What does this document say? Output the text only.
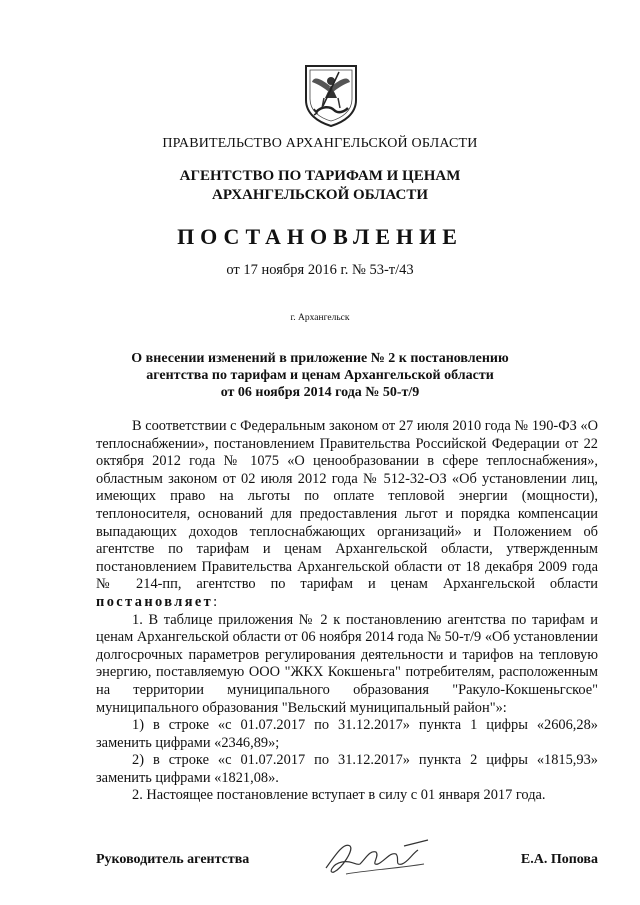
ПРАВИТЕЛЬСТВО АРХАНГЕЛЬСКОЙ ОБЛАСТИ
АГЕНТСТВО ПО ТАРИФАМ И ЦЕНАМ
АРХАНГЕЛЬСКОЙ ОБЛАСТИ
ПОСТАНОВЛЕНИЕ
от 17 ноября 2016 г. № 53-т/43
г. Архангельск
О внесении изменений в приложение № 2 к постановлению
агентства по тарифам и ценам Архангельской области
от 06 ноября 2014 года № 50-т/9

В соответствии с Федеральным законом от 27 июля 2010 года № 190-ФЗ «О теплоснабжении», постановлением Правительства Российской Федерации от 22 октября 2012 года № 1075 «О ценообразовании в сфере теплоснабжения», областным законом от 02 июля 2012 года № 512-32-ОЗ «Об установлении лиц, имеющих право на льготы по оплате тепловой энергии (мощности), теплоносителя, оснований для предоставления льгот и порядка компенсации выпадающих доходов теплоснабжающих организаций» и Положением об агентстве по тарифам и ценам Архангельской области, утвержденным постановлением Правительства Архангельской области от 18 декабря 2009 года № 214-пп, агентство по тарифам и ценам Архангельской области постановляет:

1. В таблице приложения № 2 к постановлению агентства по тарифам и ценам Архангельской области от 06 ноября 2014 года № 50-т/9 «Об установлении долгосрочных параметров регулирования деятельности и тарифов на тепловую энергию, поставляемую ООО "ЖКХ Кокшеньга" потребителям, расположенным на территории муниципального образования "Ракуло-Кокшеньгское" муниципального образования "Вельский муниципальный район"»:

1) в строке «с 01.07.2017 по 31.12.2017» пункта 1 цифры «2606,28» заменить цифрами «2346,89»;

2) в строке «с 01.07.2017 по 31.12.2017» пункта 2 цифры «1815,93» заменить цифрами «1821,08».

2. Настоящее постановление вступает в силу с 01 января 2017 года.

Руководитель агентства	Е.А. Попова
